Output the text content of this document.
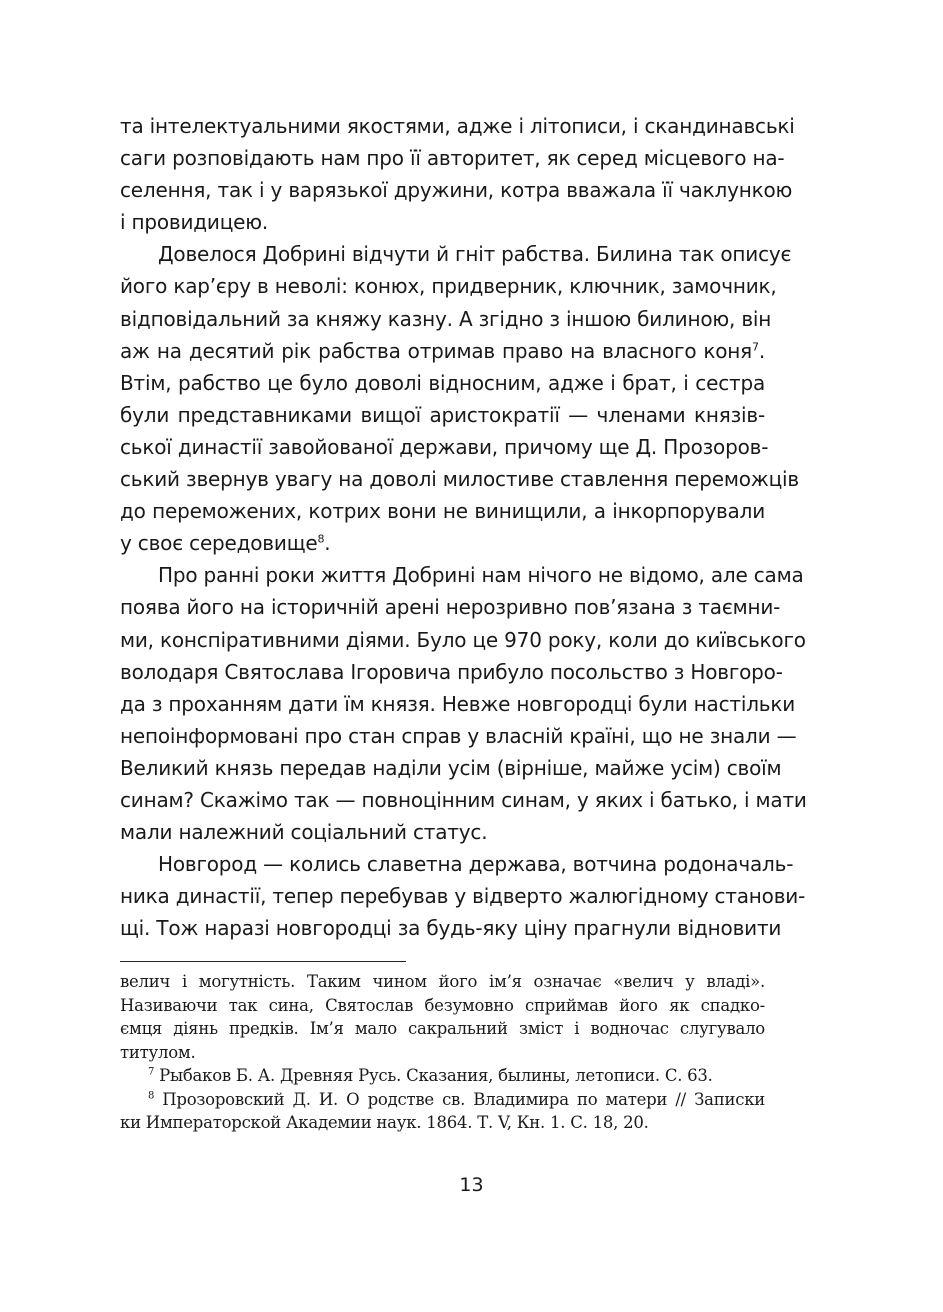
та інтелектуальними якостями, адже і літописи, і скандинавські
саги розповідають нам про її авторитет, як серед місцевого на-
селення, так і у варязької дружини, котра вважала її чаклункою
і провидицею.
Довелося Добрині відчути й гніт рабства. Билина так описує
його кар’єру в неволі: конюх, придверник, ключник, замочник,
відповідальний за княжу казну. А згідно з іншою билиною, він
аж на десятий рік рабства отримав право на власного коня$^7$.
Втім, рабство це було доволі відносним, адже і брат, і сестра
були представниками вищої аристократії — членами князів-
ської династії завойованої держави, причому ще Д. Прозоров-
ський звернув увагу на доволі милостиве ставлення переможців
до переможених, котрих вони не винищили, а інкорпорували
у своє середовище$^8$.
Про ранні роки життя Добрині нам нічого не відомо, але сама
поява його на історичній арені нерозривно пов’язана з таємни-
ми, конспіративними діями. Було це 970 року, коли до київського
володаря Святослава Ігоровича прибуло посольство з Новгоро-
да з проханням дати їм князя. Невже новгородці були настільки
непоінформовані про стан справ у власній країні, що не знали —
Великий князь передав наділи усім (вірніше, майже усім) своїм
синам? Скажімо так — повноцінним синам, у яких і батько, і мати
мали належний соціальний статус.
Новгород — колись славетна держава, вотчина родоначаль-
ника династії, тепер перебував у відверто жалюгідному станови-
щі. Тож наразі новгородці за будь-яку ціну прагнули відновити
велич і могутність. Таким чином його ім’я означає «велич у владі».
Називаючи так сина, Святослав безумовно сприймав його як спадко-
ємця діянь предків. Ім’я мало сакральний зміст і водночас слугувало
титулом.
$^7$ Рыбаков Б. А. Древняя Русь. Сказания, былины, летописи. С. 63.
$^8$ Прозоровский Д. И. О родстве св. Владимира по матери // Записки
ки Императорской Академии наук. 1864. Т. V, Кн. 1. С. 18, 20.
13
